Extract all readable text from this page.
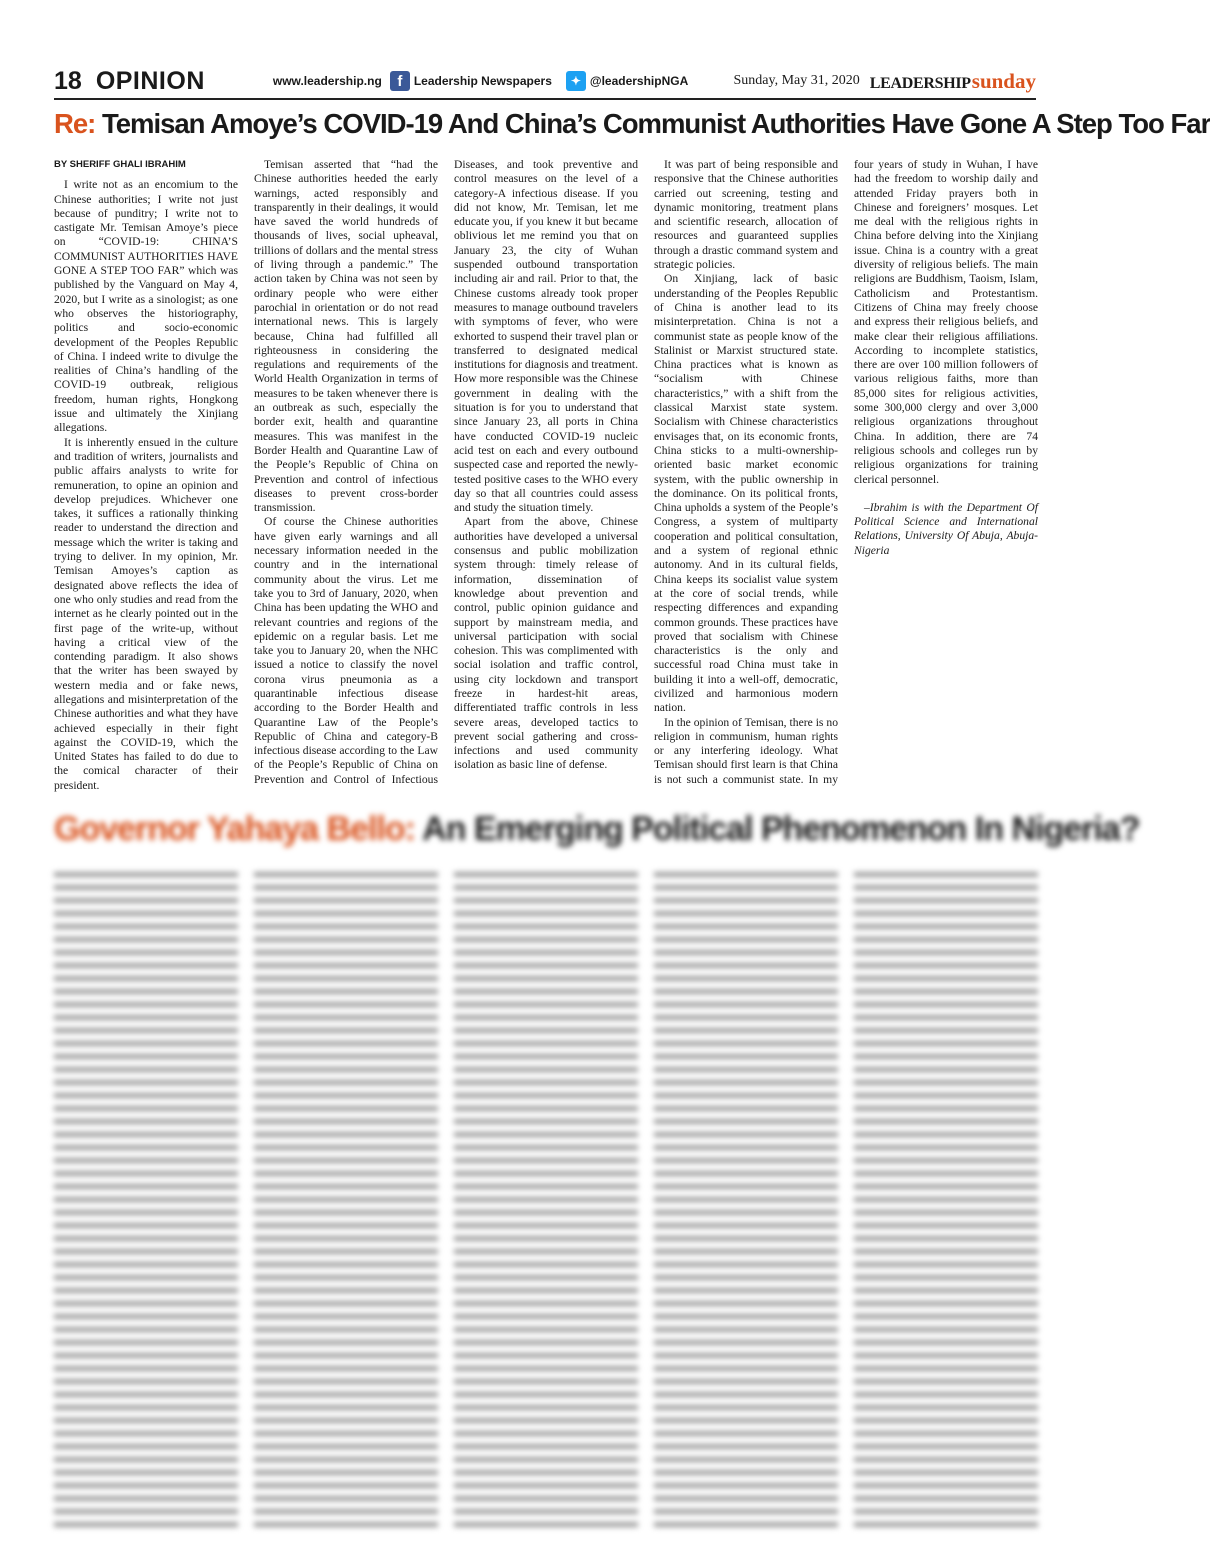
18 OPINION	www.leadership.ng	f Leadership Newspapers	✦ @leadershipNGA	Sunday, May 31, 2020 LEADERSHIP sunday
Re: Temisan Amoye’s COVID-19 And China’s Communist Authorities Have Gone A Step Too Far
BY SHERIFF GHALI IBRAHIM

I write not as an encomium to the Chinese authorities; I write not just because of punditry; I write not to castigate Mr. Temisan Amoye’s piece on “COVID-19: CHINA’S COMMUNIST AUTHORITIES HAVE GONE A STEP TOO FAR” which was published by the Vanguard on May 4, 2020, but I write as a sinologist; as one who observes the historiography, politics and socio-economic development of the Peoples Republic of China. I indeed write to divulge the realities of China’s handling of the COVID-19 outbreak, religious freedom, human rights, Hongkong issue and ultimately the Xinjiang allegations.

It is inherently ensued in the culture and tradition of writers, journalists and public affairs analysts to write for remuneration, to opine an opinion and develop prejudices. Whichever one takes, it suffices a rationally thinking reader to understand the direction and message which the writer is taking and trying to deliver. In my opinion, Mr. Temisan Amoyes’s caption as designated above reflects the idea of one who only studies and read from the internet as he clearly pointed out in the first page of the write-up, without having a critical view of the contending paradigm. It also shows that the writer has been swayed by western media and or fake news, allegations and misinterpretation of the Chinese authorities and what they have achieved especially in their fight against the COVID-19, which the United States has failed to do due to the comical character of their president.

Temisan asserted that “had the Chinese authorities heeded the early warnings, acted responsibly and transparently in their dealings, it would have saved the world hundreds of thousands of lives, social upheaval, trillions of dollars and the mental stress of living through a pandemic.” The action taken by China was not seen by ordinary people who were either parochial in orientation or do not read international news. This is largely because, China had fulfilled all righteousness in considering the regulations and requirements of the World Health Organization in terms of measures to be taken whenever there is an outbreak as such, especially the border exit, health and quarantine measures. This was manifest in the Border Health and Quarantine Law of the People’s Republic of China on Prevention and control of infectious diseases to prevent cross-border transmission.

Of course the Chinese authorities have given early warnings and all necessary information needed in the country and in the international community about the virus. Let me take you to 3rd of January, 2020, when China has been updating the WHO and relevant countries and regions of the epidemic on a regular basis. Let me take you to January 20, when the NHC issued a notice to classify the novel corona virus pneumonia as a quarantinable infectious disease according to the Border Health and Quarantine Law of the People’s Republic of China and category-B infectious disease according to the Law of the People’s Republic of China on Prevention and Control of Infectious Diseases, and took preventive and control measures on the level of a category-A infectious disease. If you did not know, Mr. Temisan, let me educate you, if you knew it but became oblivious let me remind you that on January 23, the city of Wuhan suspended outbound transportation including air and rail. Prior to that, the Chinese customs already took proper measures to manage outbound travelers with symptoms of fever, who were exhorted to suspend their travel plan or transferred to designated medical institutions for diagnosis and treatment. How more responsible was the Chinese government in dealing with the situation is for you to understand that since January 23, all ports in China have conducted COVID-19 nucleic acid test on each and every outbound suspected case and reported the newly-tested positive cases to the WHO every day so that all countries could assess and study the situation timely.

Apart from the above, Chinese authorities have developed a universal consensus and public mobilization system through: timely release of information, dissemination of knowledge about prevention and control, public opinion guidance and support by mainstream media, and universal participation with social cohesion. This was complimented with social isolation and traffic control, using city lockdown and transport freeze in hardest-hit areas, differentiated traffic controls in less severe areas, developed tactics to prevent social gathering and cross-infections and used community isolation as basic line of defense.

It was part of being responsible and responsive that the Chinese authorities carried out screening, testing and dynamic monitoring, treatment plans and scientific research, allocation of resources and guaranteed supplies through a drastic command system and strategic policies.

On Xinjiang, lack of basic understanding of the Peoples Republic of China is another lead to its misinterpretation. China is not a communist state as people know of the Stalinist or Marxist structured state. China practices what is known as “socialism with Chinese characteristics,” with a shift from the classical Marxist state system. Socialism with Chinese characteristics envisages that, on its economic fronts, China sticks to a multi-ownership-oriented basic market economic system, with the public ownership in the dominance. On its political fronts, China upholds a system of the People’s Congress, a system of multiparty cooperation and political consultation, and a system of regional ethnic autonomy. And in its cultural fields, China keeps its socialist value system at the core of social trends, while respecting differences and expanding common grounds. These practices have proved that socialism with Chinese characteristics is the only and successful road China must take in building it into a well-off, democratic, civilized and harmonious modern nation.

In the opinion of Temisan, there is no religion in communism, human rights or any interfering ideology. What Temisan should first learn is that China is not such a communist state. In my four years of study in Wuhan, I have had the freedom to worship daily and attended Friday prayers both in Chinese and foreigners’ mosques. Let me deal with the religious rights in China before delving into the Xinjiang issue. China is a country with a great diversity of religious beliefs. The main religions are Buddhism, Taoism, Islam, Catholicism and Protestantism. Citizens of China may freely choose and express their religious beliefs, and make clear their religious affiliations. According to incomplete statistics, there are over 100 million followers of various religious faiths, more than 85,000 sites for religious activities, some 300,000 clergy and over 3,000 religious organizations throughout China. In addition, there are 74 religious schools and colleges run by religious organizations for training clerical personnel.

–Ibrahim is with the Department Of Political Science and International Relations, University Of Abuja, Abuja-Nigeria

Governor Yahaya Bello: An Emerging Political Phenomenon In Nigeria?
